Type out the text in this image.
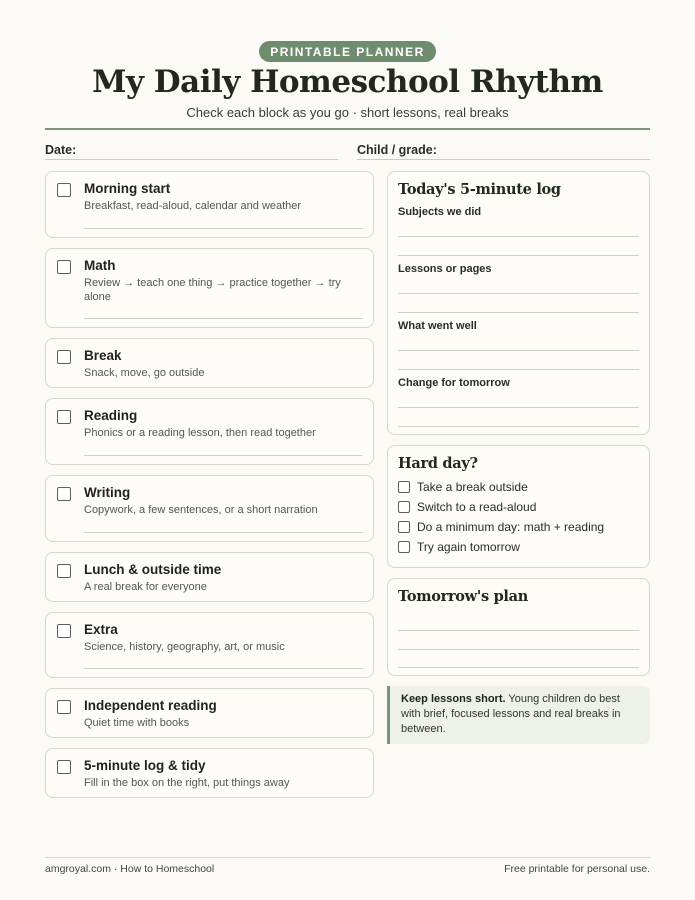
PRINTABLE PLANNER
My Daily Homeschool Rhythm
Check each block as you go · short lessons, real breaks
Date:	Child / grade:
Morning start
Breakfast, read-aloud, calendar and weather
Math
Review → teach one thing → practice together → try alone
Break
Snack, move, go outside
Reading
Phonics or a reading lesson, then read together
Writing
Copywork, a few sentences, or a short narration
Lunch & outside time
A real break for everyone
Extra
Science, history, geography, art, or music
Independent reading
Quiet time with books
5-minute log & tidy
Fill in the box on the right, put things away
Today's 5-minute log
Subjects we did
Lessons or pages
What went well
Change for tomorrow
Hard day?
Take a break outside
Switch to a read-aloud
Do a minimum day: math + reading
Try again tomorrow
Tomorrow's plan
Keep lessons short. Young children do best with brief, focused lessons and real breaks in between.
amgroyal.com · How to Homeschool	Free printable for personal use.
